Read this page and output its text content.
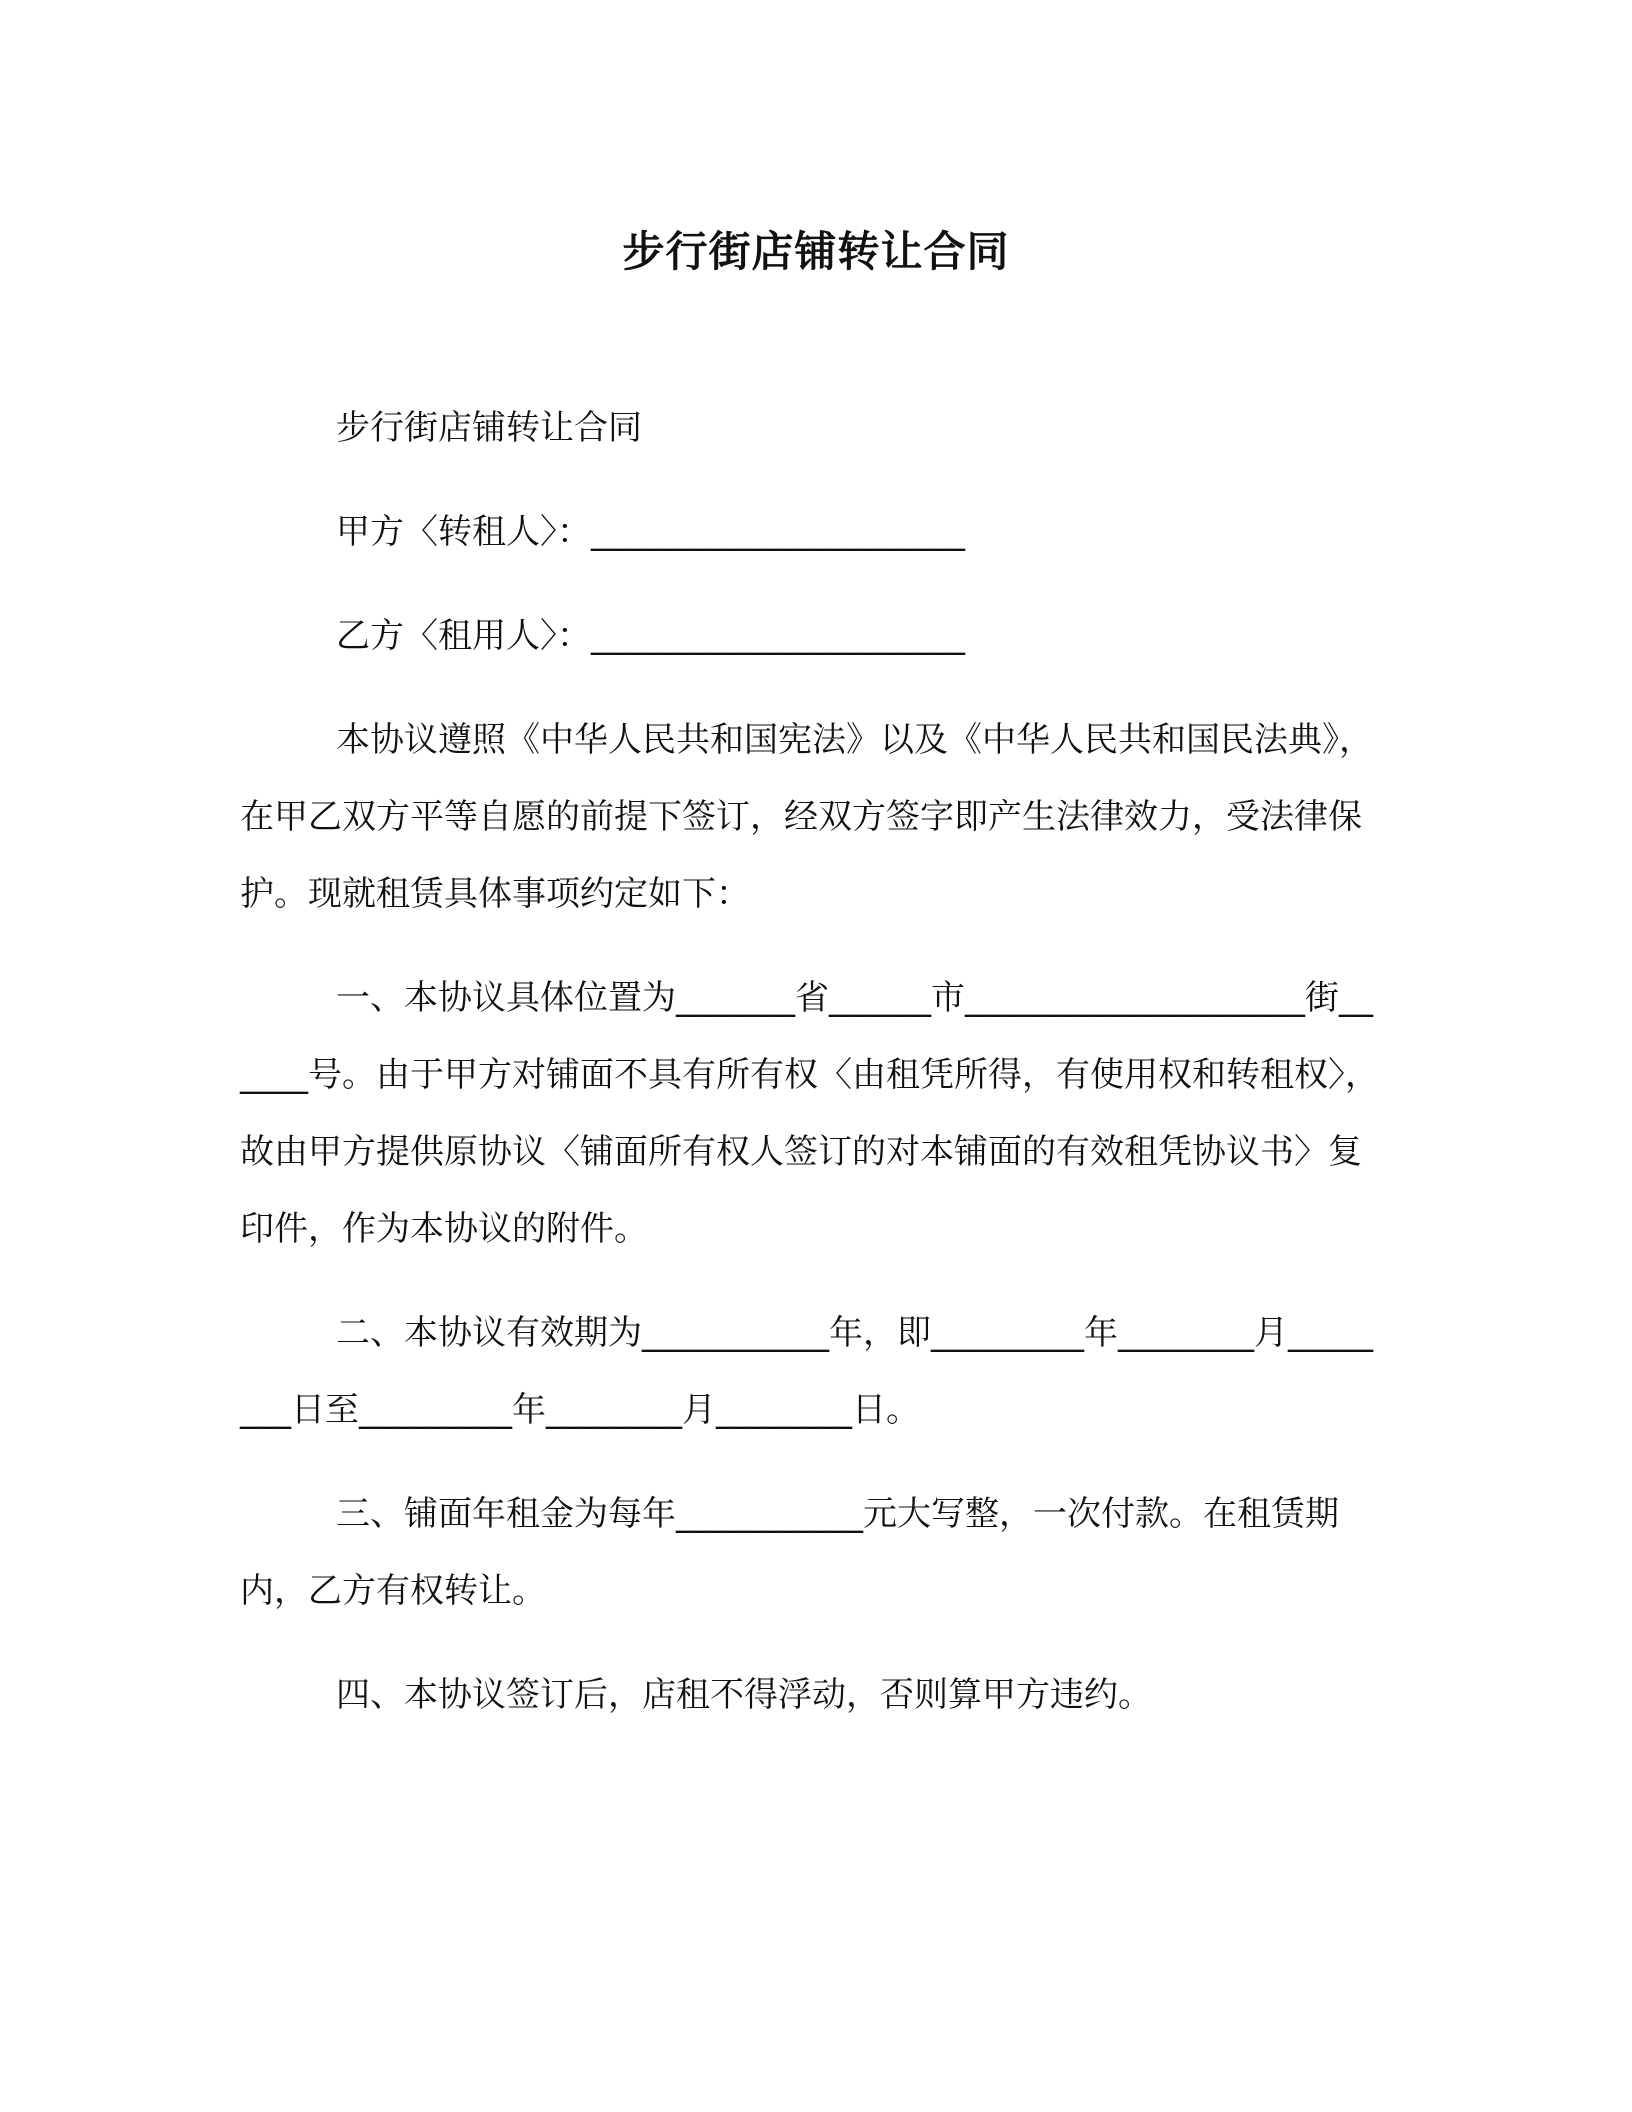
步行街店铺转让合同

步行街店铺转让合同

甲方〈转租人〉：______________________

乙方〈租用人〉：______________________

本协议遵照《中华人民共和国宪法》以及《中华人民共和国民法典》，在甲乙双方平等自愿的前提下签订，经双方签字即产生法律效力，受法律保护。现就租赁具体事项约定如下：

一、本协议具体位置为_______省______市____________________街______号。由于甲方对铺面不具有所有权〈由租凭所得，有使用权和转租权〉，故由甲方提供原协议〈铺面所有权人签订的对本铺面的有效租凭协议书〉复印件，作为本协议的附件。

二、本协议有效期为___________年，即_________年________月________日至_________年________月________日。

三、铺面年租金为每年___________元大写整，一次付款。在租赁期内，乙方有权转让。

四、本协议签订后，店租不得浮动，否则算甲方违约。
